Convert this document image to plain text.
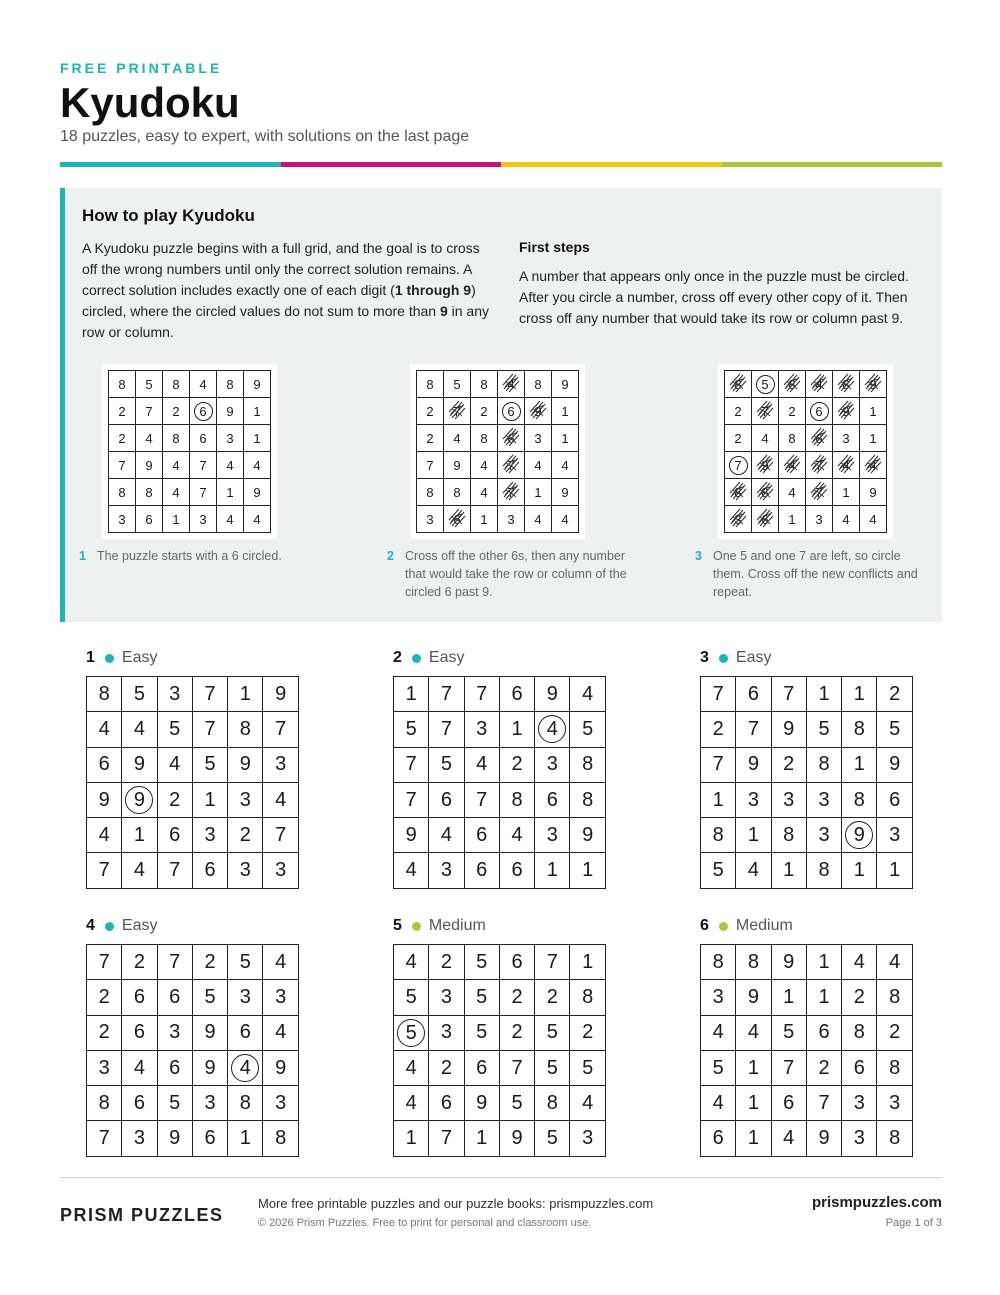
FREE PRINTABLE
Kyudoku
18 puzzles, easy to expert, with solutions on the last page
How to play Kyudoku

A Kyudoku puzzle begins with a full grid, and the goal is to cross off the wrong numbers until only the correct solution remains. A correct solution includes exactly one of each digit (1 through 9) circled, where the circled values do not sum to more than 9 in any row or column.

First steps

A number that appears only once in the puzzle must be circled. After you circle a number, cross off every other copy of it. Then cross off any number that would take its row or column past 9.

8	5	8	4	8	9
2	7	2	6	9	1
2	4	8	6	3	1
7	9	4	7	4	4
8	8	4	7	1	9
3	6	1	3	4	4
1 The puzzle starts with a 6 circled.
8	5	8	4	8	9
2	7	2	6	9	1
2	4	8	6	3	1
7	9	4	7	4	4
8	8	4	7	1	9
3	6	1	3	4	4
2 Cross off the other 6s, then any number that would take the row or column of the circled 6 past 9.
8	5	8	4	8	9

2	7	2	6	9	1
2	4	8	6	3	1
7	9	4	7	4	4

8	8	4	7	1	9
3	6	1	3	4	4
3 One 5 and one 7 are left, so circle them. Cross off the new conflicts and repeat.
1 Easy
8	5	3	7	1	9
4	4	5	7	8	7
6	9	4	5	9	3
9	9	2	1	3	4
4	1	6	3	2	7
7	4	7	6	3	3
2 Easy
1	7	7	6	9	4
5	7	3	1	4	5
7	5	4	2	3	8
7	6	7	8	6	8
9	4	6	4	3	9
4	3	6	6	1	1
3 Easy
7	6	7	1	1	2
2	7	9	5	8	5
7	9	2	8	1	9
1	3	3	3	8	6
8	1	8	3	9	3
5	4	1	8	1	1
4 Easy
7	2	7	2	5	4
2	6	6	5	3	3
2	6	3	9	6	4
3	4	6	9	4	9
8	6	5	3	8	3
7	3	9	6	1	8
5 Medium
4	2	5	6	7	1
5	3	5	2	2	8
5	3	5	2	5	2
4	2	6	7	5	5
4	6	9	5	8	4
1	7	1	9	5	3
6 Medium
8	8	9	1	4	4
3	9	1	1	2	8
4	4	5	6	8	2
5	1	7	2	6	8
4	1	6	7	3	3
6	1	4	9	3	8
PRISM PUZZLES
More free printable puzzles and our puzzle books: prismpuzzles.com
© 2026 Prism Puzzles. Free to print for personal and classroom use.
prismpuzzles.com
Page 1 of 3
